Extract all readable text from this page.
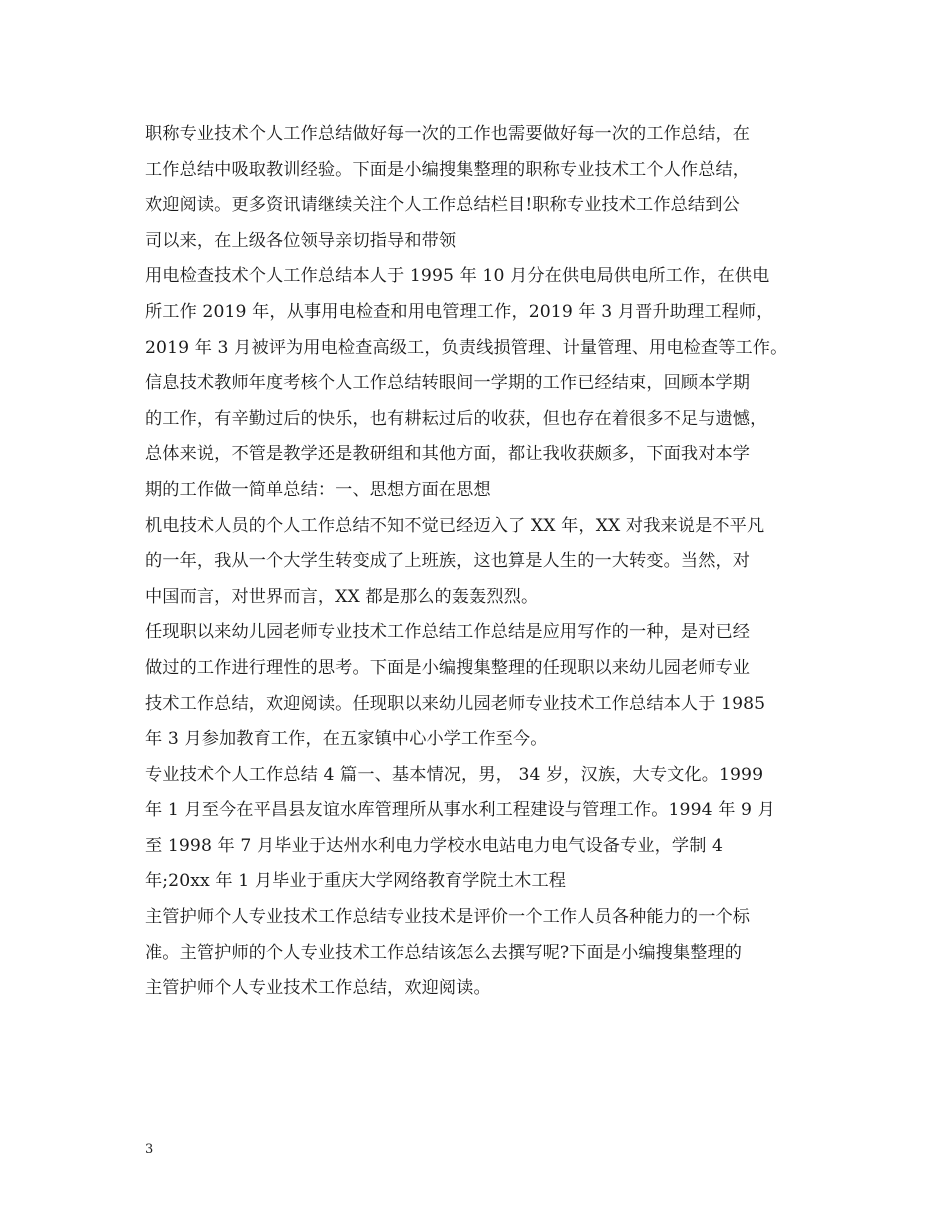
职称专业技术个人工作总结做好每一次的工作也需要做好每一次的工作总结，在
工作总结中吸取教训经验。下面是小编搜集整理的职称专业技术工个人作总结，
欢迎阅读。更多资讯请继续关注个人工作总结栏目!职称专业技术工作总结到公
司以来，在上级各位领导亲切指导和带领
用电检查技术个人工作总结本人于 1995 年 10 月分在供电局供电所工作，在供电
所工作 2019 年，从事用电检查和用电管理工作，2019 年 3 月晋升助理工程师，
2019 年 3 月被评为用电检查高级工，负责线损管理、计量管理、用电检查等工作。
信息技术教师年度考核个人工作总结转眼间一学期的工作已经结束，回顾本学期
的工作，有辛勤过后的快乐，也有耕耘过后的收获，但也存在着很多不足与遗憾，
总体来说，不管是教学还是教研组和其他方面，都让我收获颇多，下面我对本学
期的工作做一简单总结：一、思想方面在思想
机电技术人员的个人工作总结不知不觉已经迈入了 XX 年，XX 对我来说是不平凡
的一年，我从一个大学生转变成了上班族，这也算是人生的一大转变。当然，对
中国而言，对世界而言，XX 都是那么的轰轰烈烈。
任现职以来幼儿园老师专业技术工作总结工作总结是应用写作的一种，是对已经
做过的工作进行理性的思考。下面是小编搜集整理的任现职以来幼儿园老师专业
技术工作总结，欢迎阅读。任现职以来幼儿园老师专业技术工作总结本人于 1985
年 3 月参加教育工作，在五家镇中心小学工作至今。
专业技术个人工作总结 4 篇一、基本情况，男， 34 岁，汉族，大专文化。1999
年 1 月至今在平昌县友谊水库管理所从事水利工程建设与管理工作。1994 年 9 月
至 1998 年 7 月毕业于达州水利电力学校水电站电力电气设备专业，学制 4
年;20xx 年 1 月毕业于重庆大学网络教育学院土木工程
主管护师个人专业技术工作总结专业技术是评价一个工作人员各种能力的一个标
准。主管护师的个人专业技术工作总结该怎么去撰写呢?下面是小编搜集整理的
主管护师个人专业技术工作总结，欢迎阅读。
3
